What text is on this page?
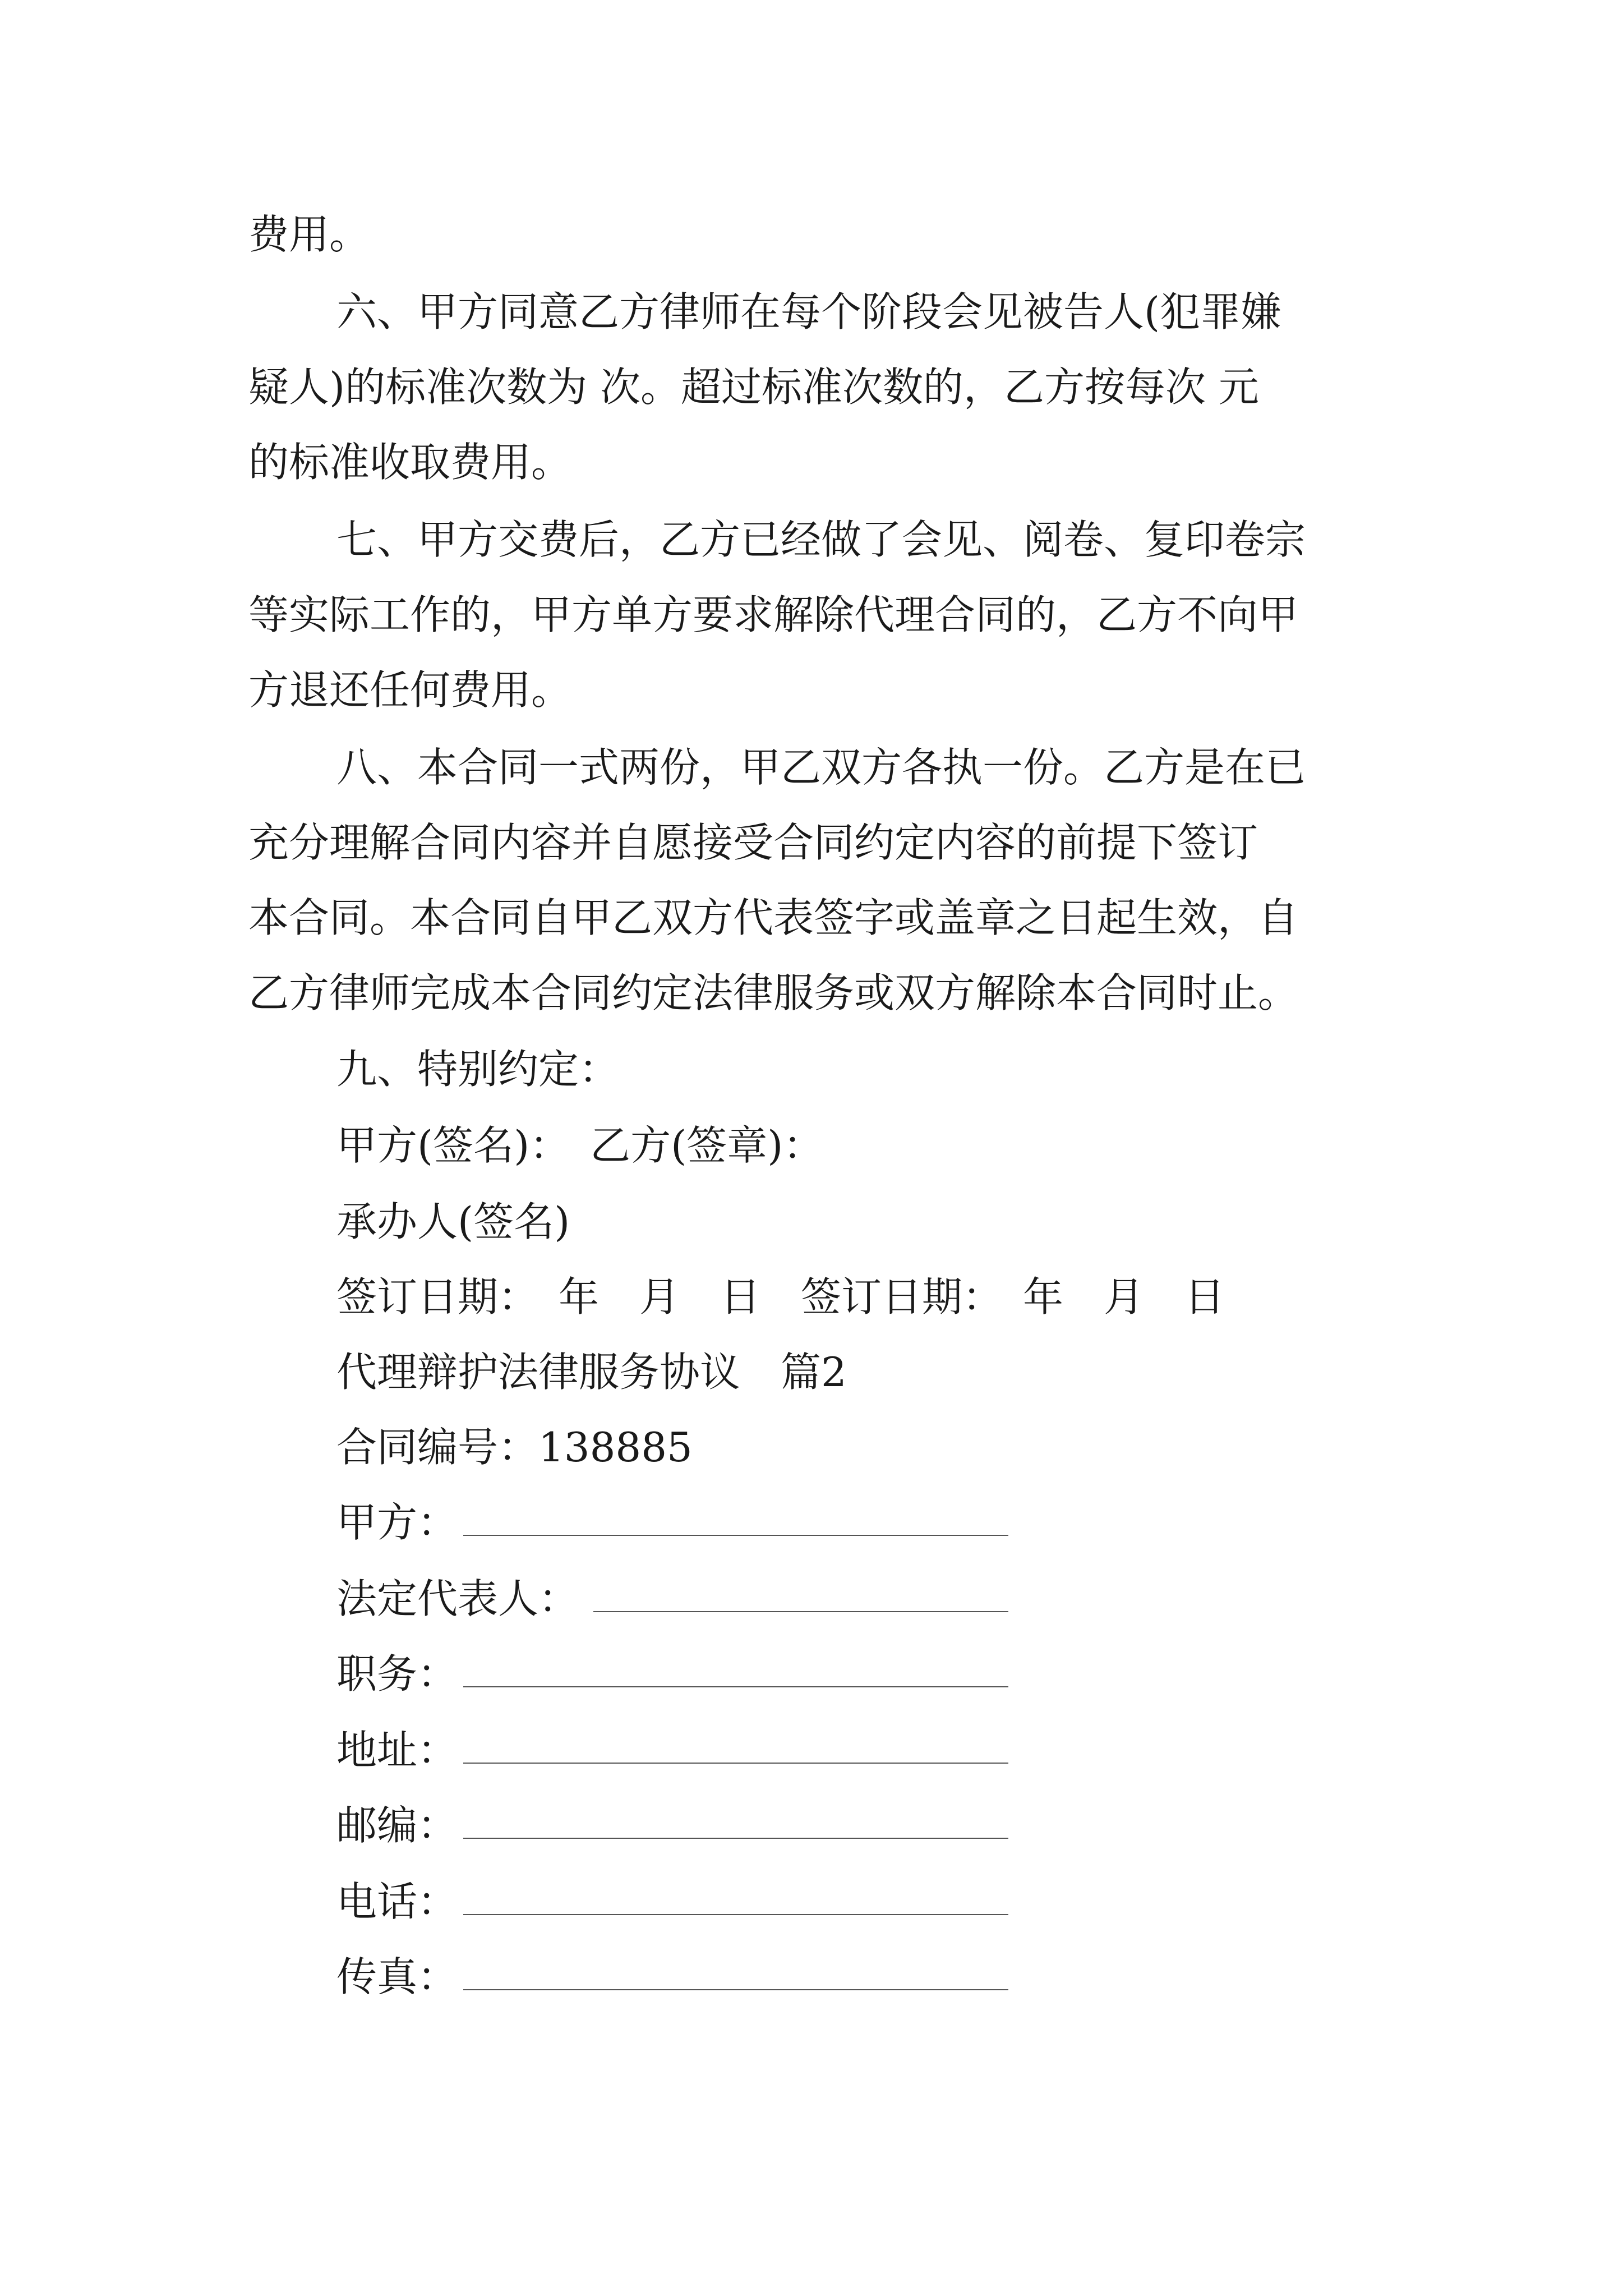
费用。
六、甲方同意乙方律师在每个阶段会见被告人(犯罪嫌
疑人)的标准次数为 次。超过标准次数的，乙方按每次 元
的标准收取费用。
七、甲方交费后，乙方已经做了会见、阅卷、复印卷宗
等实际工作的，甲方单方要求解除代理合同的，乙方不向甲
方退还任何费用。
八、本合同一式两份，甲乙双方各执一份。乙方是在已
充分理解合同内容并自愿接受合同约定内容的前提下签订
本合同。本合同自甲乙双方代表签字或盖章之日起生效，自
乙方律师完成本合同约定法律服务或双方解除本合同时止。
九、特别约定：
甲方(签名)：　乙方(签章)：
承办人(签名)
签订日期：　年　月　日　签订日期：　年　月　日
代理辩护法律服务协议　篇2
合同编号：138885
甲方：
法定代表人：
职务：
地址：
邮编：
电话：
传真：
